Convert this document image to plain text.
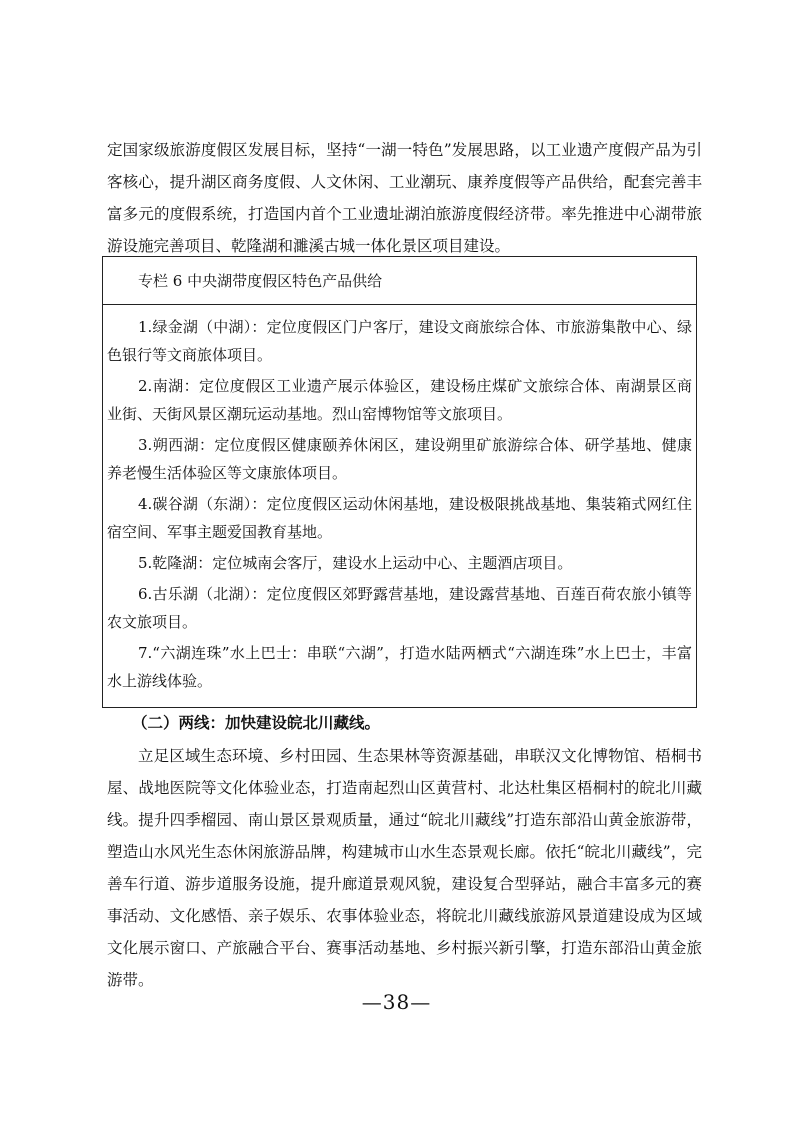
定国家级旅游度假区发展目标，坚持“一湖一特色”发展思路，以工业遗产度假产品为引客核心，提升湖区商务度假、人文休闲、工业潮玩、康养度假等产品供给，配套完善丰富多元的度假系统，打造国内首个工业遗址湖泊旅游度假经济带。率先推进中心湖带旅游设施完善项目、乾隆湖和濉溪古城一体化景区项目建设。
专栏 6 中央湖带度假区特色产品供给

1.绿金湖（中湖）：定位度假区门户客厅，建设文商旅综合体、市旅游集散中心、绿色银行等文商旅体项目。

2.南湖：定位度假区工业遗产展示体验区，建设杨庄煤矿文旅综合体、南湖景区商业街、天街风景区潮玩运动基地。烈山窑博物馆等文旅项目。

3.朔西湖：定位度假区健康颐养休闲区，建设朔里矿旅游综合体、研学基地、健康养老慢生活体验区等文康旅体项目。

4.碳谷湖（东湖）：定位度假区运动休闲基地，建设极限挑战基地、集装箱式网红住宿空间、军事主题爱国教育基地。

5.乾隆湖：定位城南会客厅，建设水上运动中心、主题酒店项目。

6.古乐湖（北湖）：定位度假区郊野露营基地，建设露营基地、百莲百荷农旅小镇等农文旅项目。

7.“六湖连珠”水上巴士：串联“六湖”，打造水陆两栖式“六湖连珠”水上巴士，丰富水上游线体验。

（二）两线：加快建设皖北川藏线。
立足区域生态环境、乡村田园、生态果林等资源基础，串联汉文化博物馆、梧桐书屋、战地医院等文化体验业态，打造南起烈山区黄营村、北达杜集区梧桐村的皖北川藏线。提升四季榴园、南山景区景观质量，通过“皖北川藏线”打造东部沿山黄金旅游带，塑造山水风光生态休闲旅游品牌，构建城市山水生态景观长廊。依托“皖北川藏线”，完善车行道、游步道服务设施，提升廊道景观风貌，建设复合型驿站，融合丰富多元的赛事活动、文化感悟、亲子娱乐、农事体验业态，将皖北川藏线旅游风景道建设成为区域文化展示窗口、产旅融合平台、赛事活动基地、乡村振兴新引擎，打造东部沿山黄金旅游带。
—38—
